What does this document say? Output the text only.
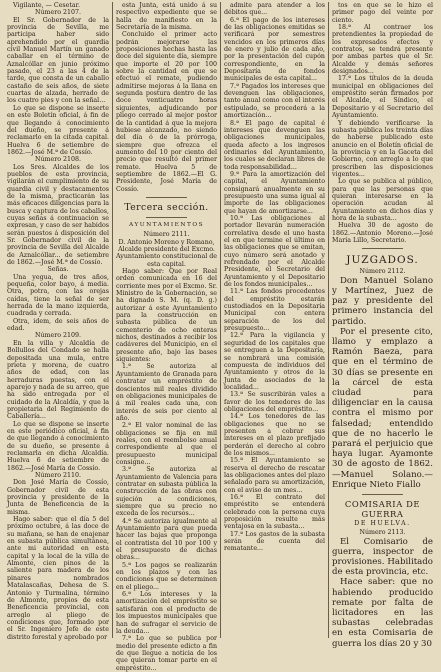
Vigilante, — Cesetar.

Número 2107.

El Sr. Gobernador de la provincia de Sevilla, me participa haber sido aprehendido por el guardia civil Manuel Martín un ganado caballar en el término de Aznalcóllar en junio próximo pasado, el 23 a las 4 de la tarde, que consta de un caballo castaño de seis años, de siete cuartas de alzada, herrado de los cuatro pies y con la señal...

Lo que se dispone se inserte en este Boletín oficial, á fin de que llegando á conocimiento del dueño, se presente á reclamarlo en la citada capital. Huelva 6 de setiembre de 1862.—José M.ª de Cossío.

Número 2108.

Los Sres. Alcaldes de los pueblos de esta provincia, vigilarán el cumplimiento de su guardia civil y destacamentos de la misma, practicarán las más eficaces diligencias para la busca y captura de los caballos, cuyas señas á continuación se expresan, y caso de ser habidos serán puestos á disposición del Sr. Gobernador civil de la provincia de Sevilla del Alcalde de Aznalcóllar... de setiembre de 1862.—José M.ª de Cossío.

Señas.

Una yegua, de tres años, pequeña, color bayo, á media. Otra, potra, con las orejas caídas, tiene la señal de ser herrada de la mano izquierda, cuadrada y cerrada.

Otra, idem, de seis años de edad.

Número 2109.

En la villa y Alcaldía de Bollullos del Condado se halla depositada una mula, entre prieta y morena, de cuatro años de edad, con las herraduras puestas, con el aparejo y nada de su arreo, que ha sido entregada por el cuidado de la Alcaldía, y que la propietaria del Regimiento de Caballería...

Lo que se dispone se inserte en este periódico oficial, á fin de que llegando á conocimiento de su dueño, se presente á reclamarla en dicha Alcaldía. Huelva 6 de setiembre de 1862.—José María de Cossío.

Número 2110.

Don José María de Cossío, Gobernador civil de esta provincia y presidente de la Junta de Beneficencia de la misma.

Hago saber: que el día 5 del próximo octubre, á las doce de su mañana, se han de enajenar en subasta pública simultánea, ante mi autoridad en esta capital y la local de la villa de Almonte, cien pinos de la saliente para madera de los pinares nombrados Matalascañas, Dehesa de S. Antonio y Turmalina, término de Almonte, propios de esta Beneficencia provincial, con arreglo al pliego de condiciones que, formado por el Sr. Ingeniero Jefe de este distrito forestal y aprobado por

esta Junta, está unido á su respectivo expediente que se halla de manifiesto en la Secretaría de la misma.

Concluido el primer acto podrán mejorarse las proposiciones hechas hasta las doce del siguiente día, siempre que importe el 20 por 100 sobre la cantidad en que se efectuó el remate, pudiendo admitirse mejoras á la llana en segunda postura dentro de las doce venticuatro horas siguientes, adjudicando por pliego cerrado al mejor postor de la cantidad á que la mejora hubiese alcanzado, no siendo del día ó de la prórroga, siempre que ofrezca el aumento del 10 por ciento del precio que resultó del primer remate. Huelva 5 de septiembre de 1862.—El G. Presidente, José María de Cossío.

Tercera sección.
AYUNTAMIENTOS

Número 2111.

D. Antonio Moreno y Romano, Alcalde presidente del Excmo. Ayuntamiento constitucional de esta capital.

Hago saber: Que por Real orden comunicada en 16 del corriente mes por el Excmo. Sr. Ministro de la Gobernación, se ha dignado S. M. (q. D. g.) autorizar á este Ayuntamiento para la construcción en subasta pública de un cementerio de ocho enteras nichos, destinados á recibir los cadáveres del Municipio, en el presente año, bajo las bases siguientes:

1.ª Se autoriza al Ayuntamiento de Granada para contratar un empréstito de doscientos mil reales dividido en obligaciones municipales de á mil reales cada una, con interés de seis por ciento al año.

2.ª El valor nominal de las obligaciones se fija en mil reales, con el reembolso anual correspondiente al que el presupuesto municipal consigne...

3.ª Se autoriza al Ayuntamiento de Valencia para contratar en subasta pública la construcción de las obras con sujeción a condiciones, siempre que su precio no exceda de los recursos...

4.ª Se autoriza igualmente al Ayuntamiento para que pueda hacer las bajas que proponga el contratista del 10 por 100 y el presupuesto de dichas obras...

5.ª Los pagos se realizarán en los plazos y con las condiciones que se determinen en el pliego...

6.ª Los intereses y la amortización del empréstito se satisfarán con el producto de los impuestos municipales que han de sufragar el servicio de la deuda...

7.ª Lo que se publica por medio del presente edicto a fin de que llegue a noticia de los que quieran tomar parte en el empréstito...

admite para atender a los débitos que...

6.ª El pago de los intereses de las obligaciones emitidas se verificará por semestres vencidos en los primeros días de enero y julio de cada año, por la presentación del cupón correspondiente, en la Depositaría de fondos municipales de esta capital...

7.ª Pagados los intereses que devenguen las obligaciones, tanto anual como con el interés estipulado, se procederá a la amortización...

8.ª El pago de capital é intereses que devenguen las obligaciones municipales, queda afecto a los ingresos ordinarios del Ayuntamiento, los cuales se declaran libres de toda responsabilidad...

9.ª Para la amortización del capital, el Ayuntamiento consignará anualmente en su presupuesto una suma igual al importe de las obligaciones que hayan de amortizarse...

10.ª Las obligaciones al portador llevarán numeración correlativa desde el uno hasta el en que termine el último en las obligaciones que se emitan, cuyo número será anotado y refrendado por el Alcalde Presidente, el Secretario del Ayuntamiento y el Depositario de los fondos municipales...

11.ª Las fondos procedentes del empréstito estarán custodiados en la Depositaría Municipal con entera separación de los del presupuesto...

12.ª Para la vigilancia y seguridad de los capitales que se entreguen a la Depositaría, se nombrará una comisión compuesta de individuos del Ayuntamiento y otros de la Junta de asociados de la localidad...

13.ª Se suscribirán vales a favor de los tenedores de las obligaciones del empréstito...

14.ª Los tenedores de las obligaciones que no se presenten a cobrar sus intereses en el plazo prefijado perderán el derecho al cobro de los mismos...

15.ª El Ayuntamiento se reserva el derecho de rescatar las obligaciones antes del plazo señalado para su amortización, con el aviso de un mes...

16.ª El contrato del empréstito se entenderá celebrado con la persona cuya proposición resulte más ventajosa en la subasta...

17.ª Los gastos de la subasta serán de cuenta del rematante...

tos en que se le hizo el primer pago del veinte por ciento.

18.ª Al contraer los pretendientes la propiedad de los expresados efectos y contratos, se tendrá presente por ambas partes que el Sr. Alcalde y demás señores designados...

17.ª Los títulos de la deuda municipal en obligaciones del empréstito serán firmados por el Alcalde, el Síndico, el Depositario y el Secretario del Ayuntamiento.

Y debiendo verificarse la subasta pública los treinta días de haberse publicado este anuncio en el Boletín oficial de la provincia y en la Gaceta del Gobierno, con arreglo a lo que prescriben las disposiciones vigentes...

Lo que se publica al público, para que las personas que quieran interesarse en la operación acudan al Ayuntamiento en dichos días y hora de la subasta...

Huelva 30 de agosto de 1862.—Antonio Moreno.—José María Lillo, Secretario.

JUZGADOS.

Número 2112.

Don Manuel Solano y Martínez, Juez de paz y presidente del primero instancia del partido.

Por el presente cito, llamo y emplazo a Ramón Baeza, para que en el término de 30 días se presente en la cárcel de esta ciudad para diligenciar en la causa contra el mismo por falsedad; entendido que de no hacerlo le parará el perjuicio que haya lugar. Ayamonte 30 de agosto de 1862.—Manuel Solano.—Enrique Nieto Fiallo

COMISARIA DE GUERRA
DE HUELVA.

Número 2113.

El Comisario de guerra, inspector de provisiones. Habilitado de esta provincia, etc.

Hace saber: que no habiendo producido remate por falta de licitadores en las subastas celebradas en esta Comisaria de guerra los días 20 y 30
